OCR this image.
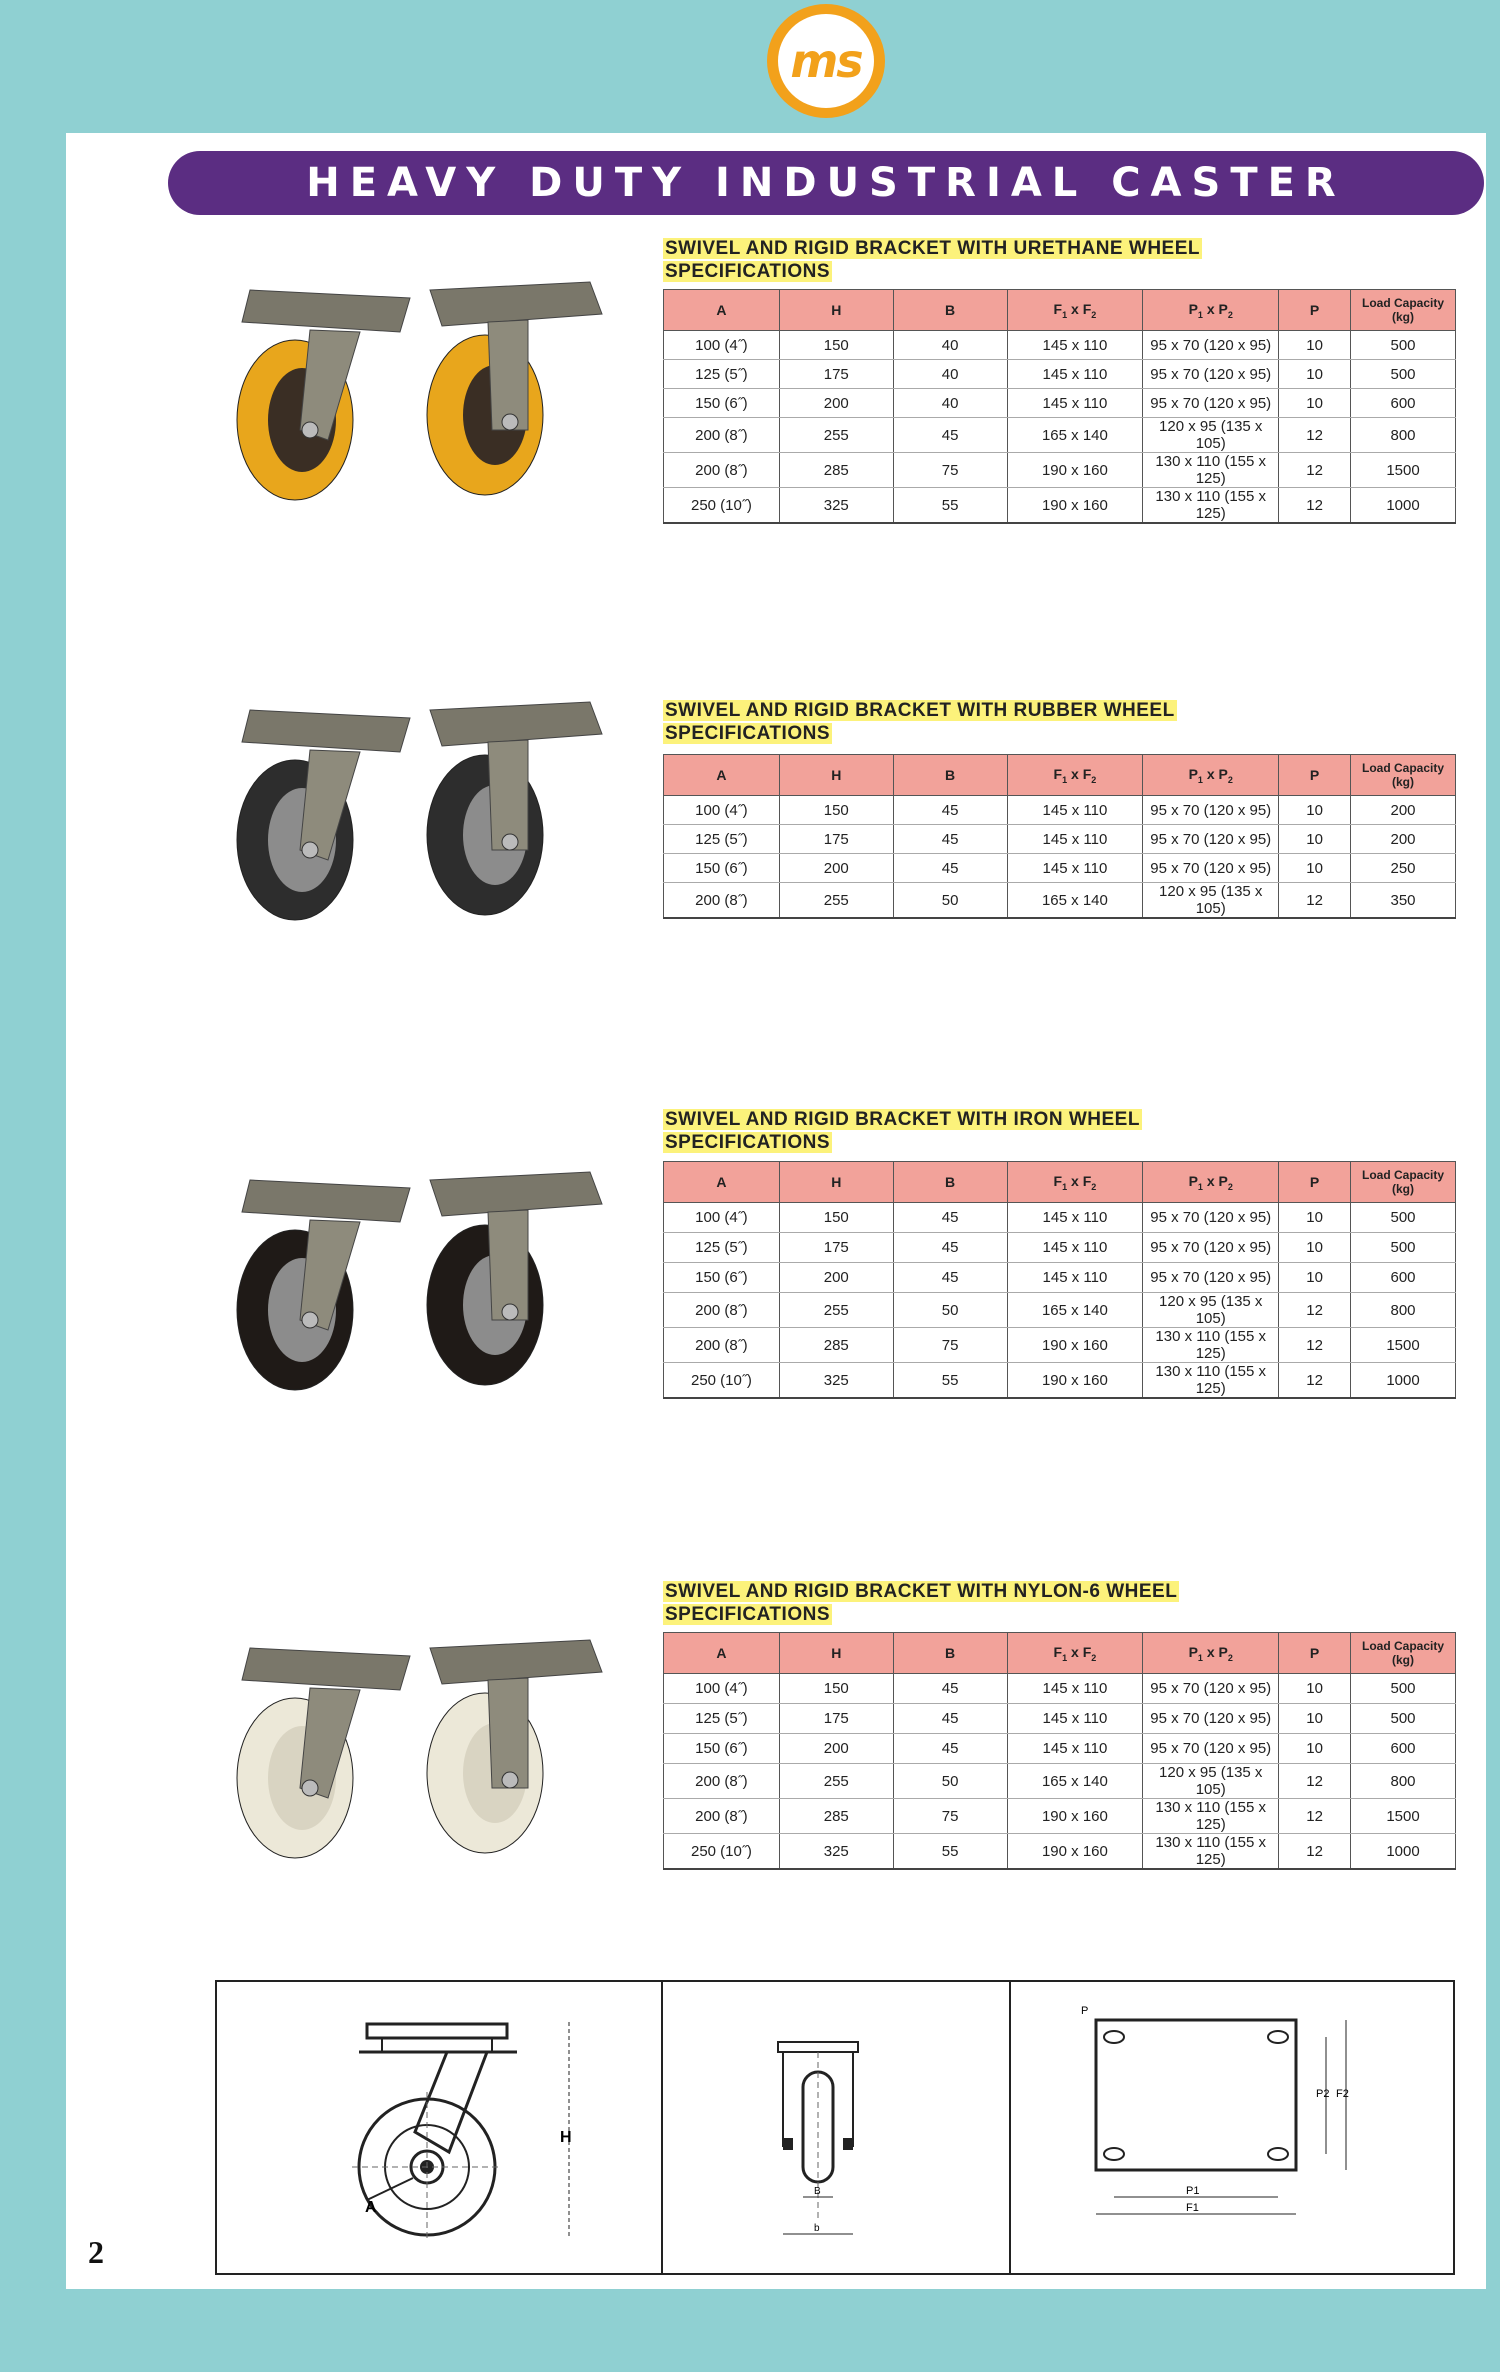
ms
HEAVY DUTY INDUSTRIAL CASTER
SWIVEL AND RIGID BRACKET WITH URETHANE WHEEL
SPECIFICATIONS
SWIVEL AND RIGID BRACKET WITH RUBBER WHEEL
SPECIFICATIONS
SWIVEL AND RIGID BRACKET WITH IRON WHEEL
SPECIFICATIONS
SWIVEL AND RIGID BRACKET WITH NYLON-6 WHEEL
SPECIFICATIONS
A	H	B	$F_1$ x $F_2$	$P_1$ x $P_2$	P	Load Capacity
(kg)
100 (4˝)	150	40	145 x 110	95 x 70 (120 x 95)	10	500
125 (5˝)	175	40	145 x 110	95 x 70 (120 x 95)	10	500
150 (6˝)	200	40	145 x 110	95 x 70 (120 x 95)	10	600
200 (8˝)	255	45	165 x 140	120 x 95 (135 x 105)	12	800
200 (8˝)	285	75	190 x 160	130 x 110 (155 x 125)	12	1500
250 (10˝)	325	55	190 x 160	130 x 110 (155 x 125)	12	1000
A	H	B	$F_1$ x $F_2$	$P_1$ x $P_2$	P	Load Capacity
(kg)
100 (4˝)	150	45	145 x 110	95 x 70 (120 x 95)	10	200
125 (5˝)	175	45	145 x 110	95 x 70 (120 x 95)	10	200
150 (6˝)	200	45	145 x 110	95 x 70 (120 x 95)	10	250
200 (8˝)	255	50	165 x 140	120 x 95 (135 x 105)	12	350
A	H	B	$F_1$ x $F_2$	$P_1$ x $P_2$	P	Load Capacity
(kg)
100 (4˝)	150	45	145 x 110	95 x 70 (120 x 95)	10	500
125 (5˝)	175	45	145 x 110	95 x 70 (120 x 95)	10	500
150 (6˝)	200	45	145 x 110	95 x 70 (120 x 95)	10	600
200 (8˝)	255	50	165 x 140	120 x 95 (135 x 105)	12	800
200 (8˝)	285	75	190 x 160	130 x 110 (155 x 125)	12	1500
250 (10˝)	325	55	190 x 160	130 x 110 (155 x 125)	12	1000
A	H	B	$F_1$ x $F_2$	$P_1$ x $P_2$	P	Load Capacity
(kg)
100 (4˝)	150	45	145 x 110	95 x 70 (120 x 95)	10	500
125 (5˝)	175	45	145 x 110	95 x 70 (120 x 95)	10	500
150 (6˝)	200	45	145 x 110	95 x 70 (120 x 95)	10	600
200 (8˝)	255	50	165 x 140	120 x 95 (135 x 105)	12	800
200 (8˝)	285	75	190 x 160	130 x 110 (155 x 125)	12	1500
250 (10˝)	325	55	190 x 160	130 x 110 (155 x 125)	12	1000
A
H
B
b
P
P1
F1
P2 F2
2
